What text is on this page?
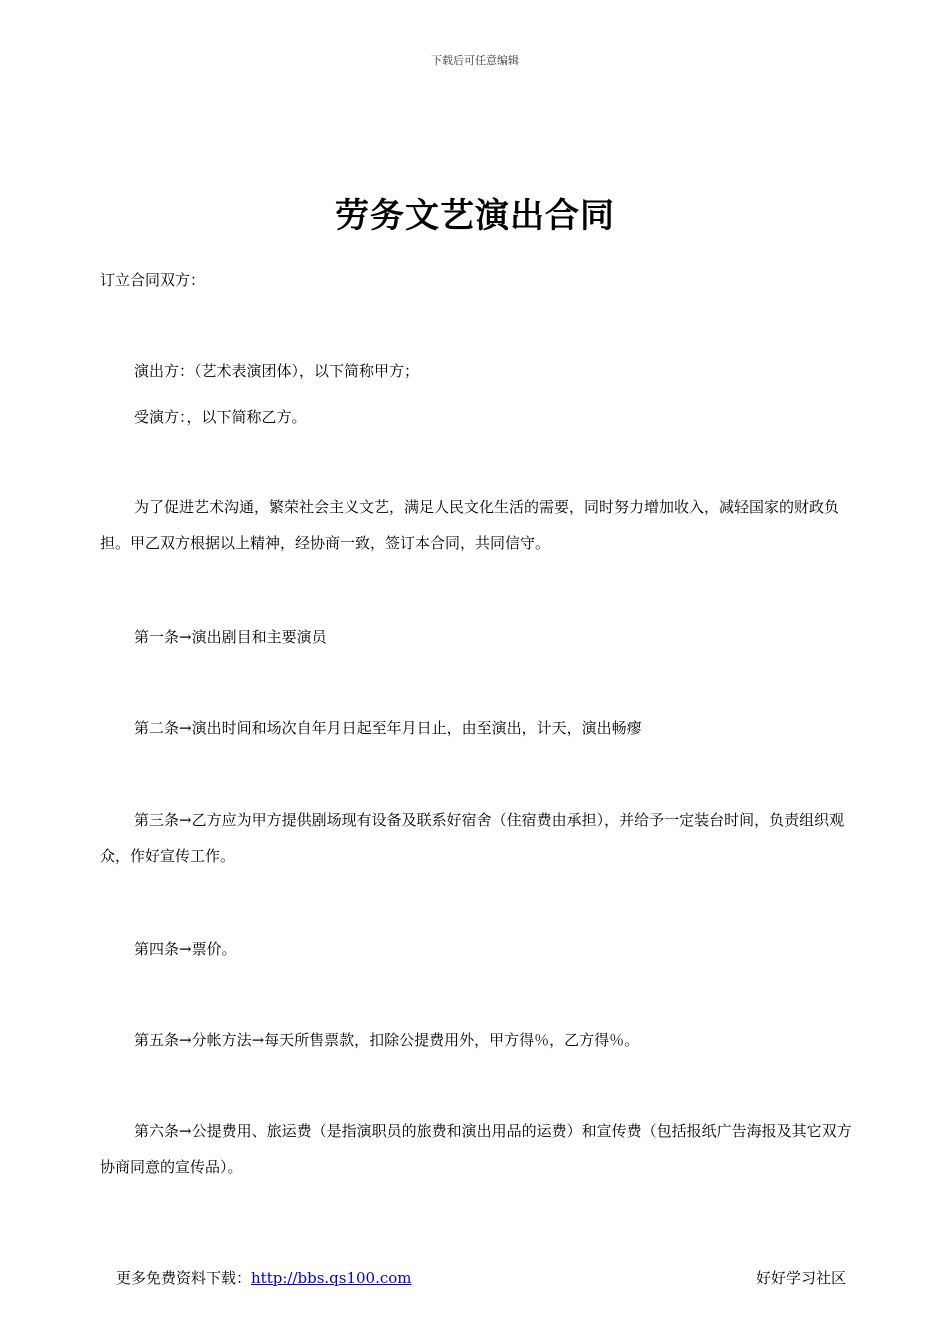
下载后可任意编辑
劳务文艺演出合同
订立合同双方：
演出方：（艺术表演团体），以下简称甲方；
受演方：，以下简称乙方。
为了促进艺术沟通，繁荣社会主义文艺，满足人民文化生活的需要，同时努力增加收入，减轻国家的财政负担。甲乙双方根据以上精神，经协商一致，签订本合同，共同信守。
第一条→演出剧目和主要演员
第二条→演出时间和场次自年月日起至年月日止，由至演出，计天，演出畅瘳
第三条→乙方应为甲方提供剧场现有设备及联系好宿舍（住宿费由承担），并给予一定装台时间，负责组织观众，作好宣传工作。
第四条→票价。
第五条→分帐方法→每天所售票款，扣除公提费用外，甲方得％，乙方得％。
第六条→公提费用、旅运费（是指演职员的旅费和演出用品的运费）和宣传费（包括报纸广告海报及其它双方协商同意的宣传品）。
更多免费资料下载：http://bbs.qs100.com	好好学习社区
